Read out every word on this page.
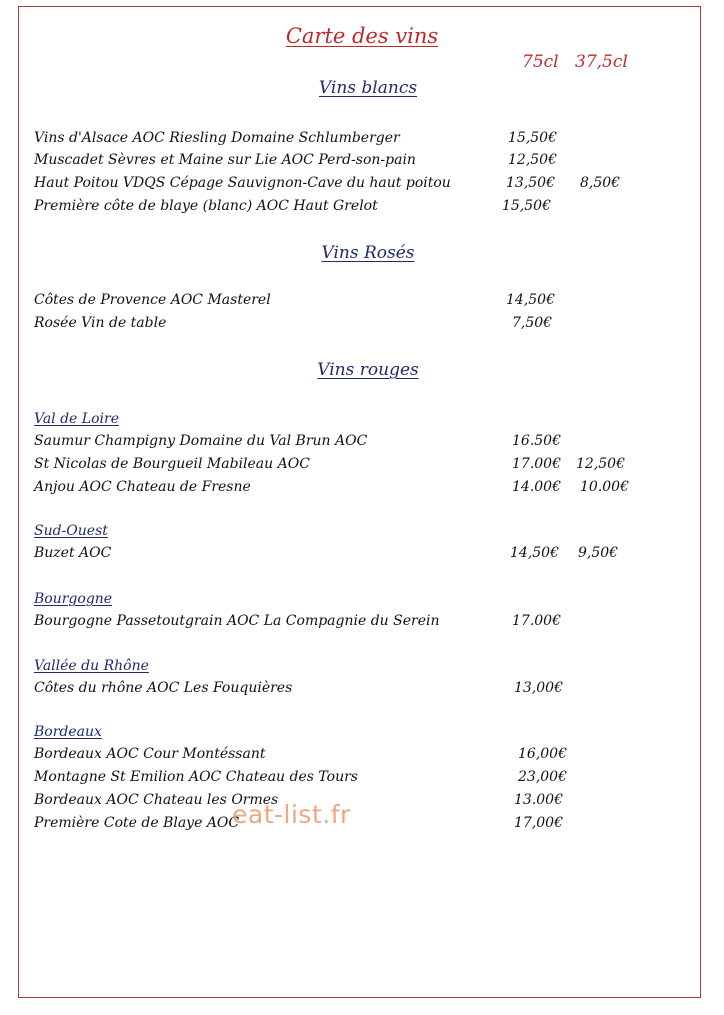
Carte des vins
75cl 37,5cl
Vins blancs
Vins d'Alsace AOC Riesling Domaine Schlumberger	15,50€
Muscadet Sèvres et Maine sur Lie AOC Perd-son-pain	12,50€
Haut Poitou VDQS Cépage Sauvignon-Cave du haut poitou	13,50€ 8,50€
Première côte de blaye (blanc) AOC Haut Grelot	15,50€
Vins Rosés
Côtes de Provence AOC Masterel	14,50€
Rosée Vin de table	7,50€
Vins rouges
Val de Loire
Saumur Champigny Domaine du Val Brun AOC	16.50€
St Nicolas de Bourgueil Mabileau AOC	17.00€ 12,50€
Anjou AOC Chateau de Fresne	14.00€ 10.00€
Sud-Ouest
Buzet AOC	14,50€ 9,50€
Bourgogne
Bourgogne Passetoutgrain AOC La Compagnie du Serein	17.00€
Vallée du Rhône
Côtes du rhône AOC Les Fouquières	13,00€
Bordeaux
Bordeaux AOC Cour Montéssant	16,00€
Montagne St Emilion AOC Chateau des Tours	23,00€
Bordeaux AOC Chateau les Ormes	13.00€
Première Cote de Blaye AOC	17,00€
eat-list.fr
